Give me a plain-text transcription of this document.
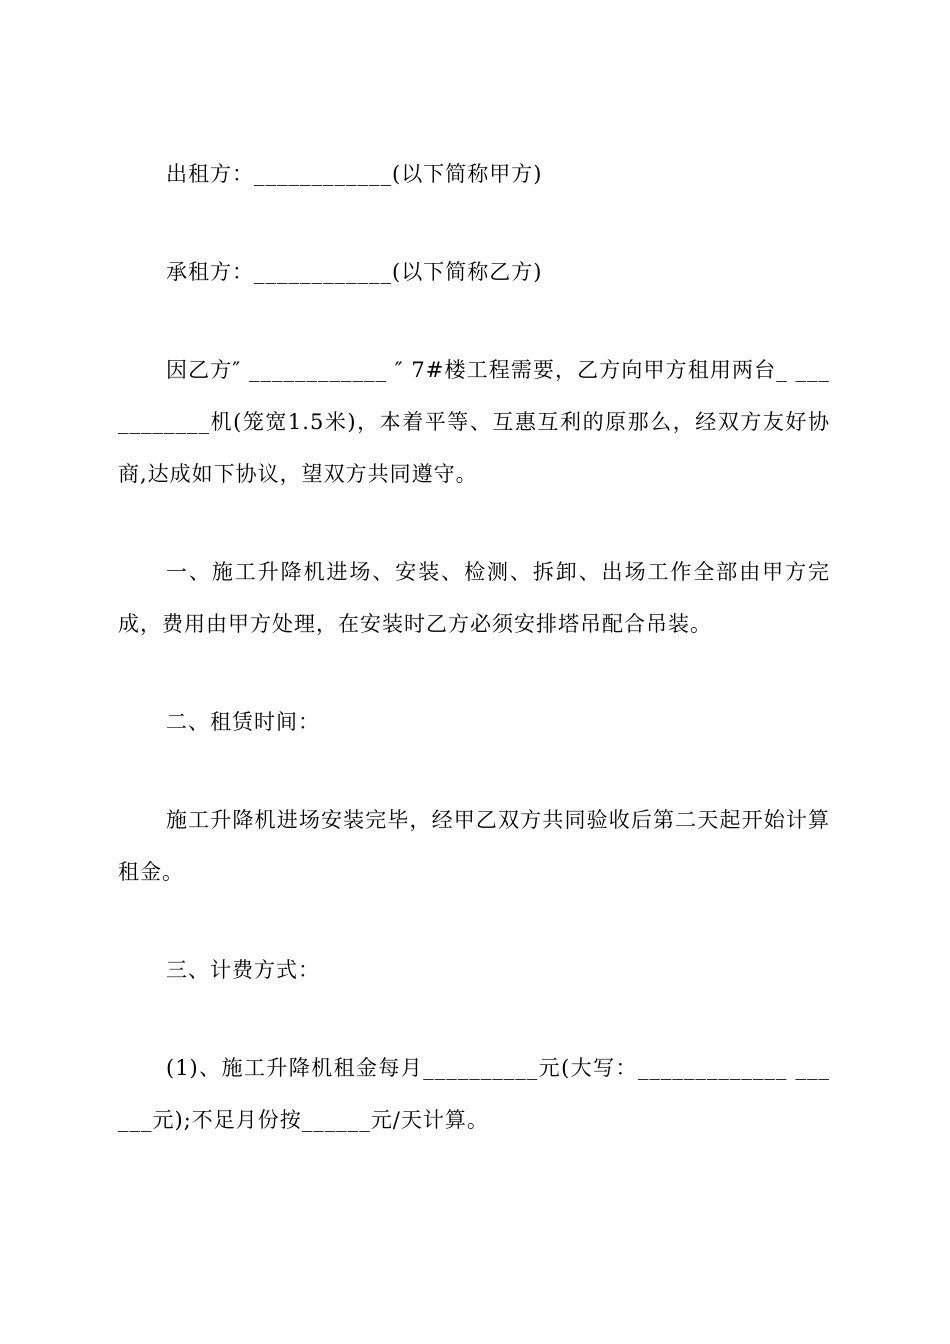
出租方：____________(以下简称甲方)

承租方：____________(以下简称乙方)

因乙方″ ____________ ″ 7#楼工程需要，乙方向甲方租用两台_ ___________机(笼宽1.5米)，本着平等、互惠互利的原那么，经双方友好协商,达成如下协议，望双方共同遵守。

一、施工升降机进场、安装、检测、拆卸、出场工作全部由甲方完成，费用由甲方处理，在安装时乙方必须安排塔吊配合吊装。

二、租赁时间：

施工升降机进场安装完毕，经甲乙双方共同验收后第二天起开始计算租金。

三、计费方式：

(1)、施工升降机租金每月__________元(大写：_____________ ______元);不足月份按______元/天计算。
